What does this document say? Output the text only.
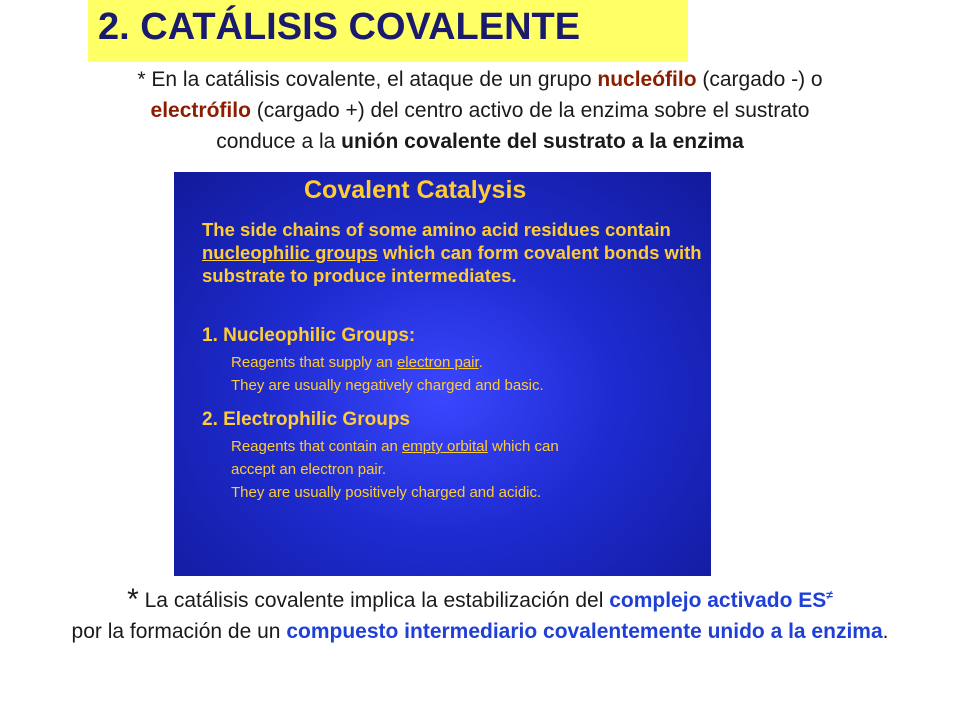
2. CATÁLISIS COVALENTE
* En la catálisis covalente, el ataque de un grupo nucleófilo (cargado -) o
electrófilo (cargado +) del centro activo de la enzima sobre el sustrato
conduce a la unión covalente del sustrato a la enzima
Covalent Catalysis
The side chains of some amino acid residues contain nucleophilic groups which can form covalent bonds with substrate to produce intermediates.
1. Nucleophilic Groups:
Reagents that supply an electron pair.
They are usually negatively charged and basic.
2. Electrophilic Groups
Reagents that contain an empty orbital which can
accept an electron pair.
They are usually positively charged and acidic.
* La catálisis covalente implica la estabilización del complejo activado ES≠
por la formación de un compuesto intermediario covalentemente unido a la enzima.
